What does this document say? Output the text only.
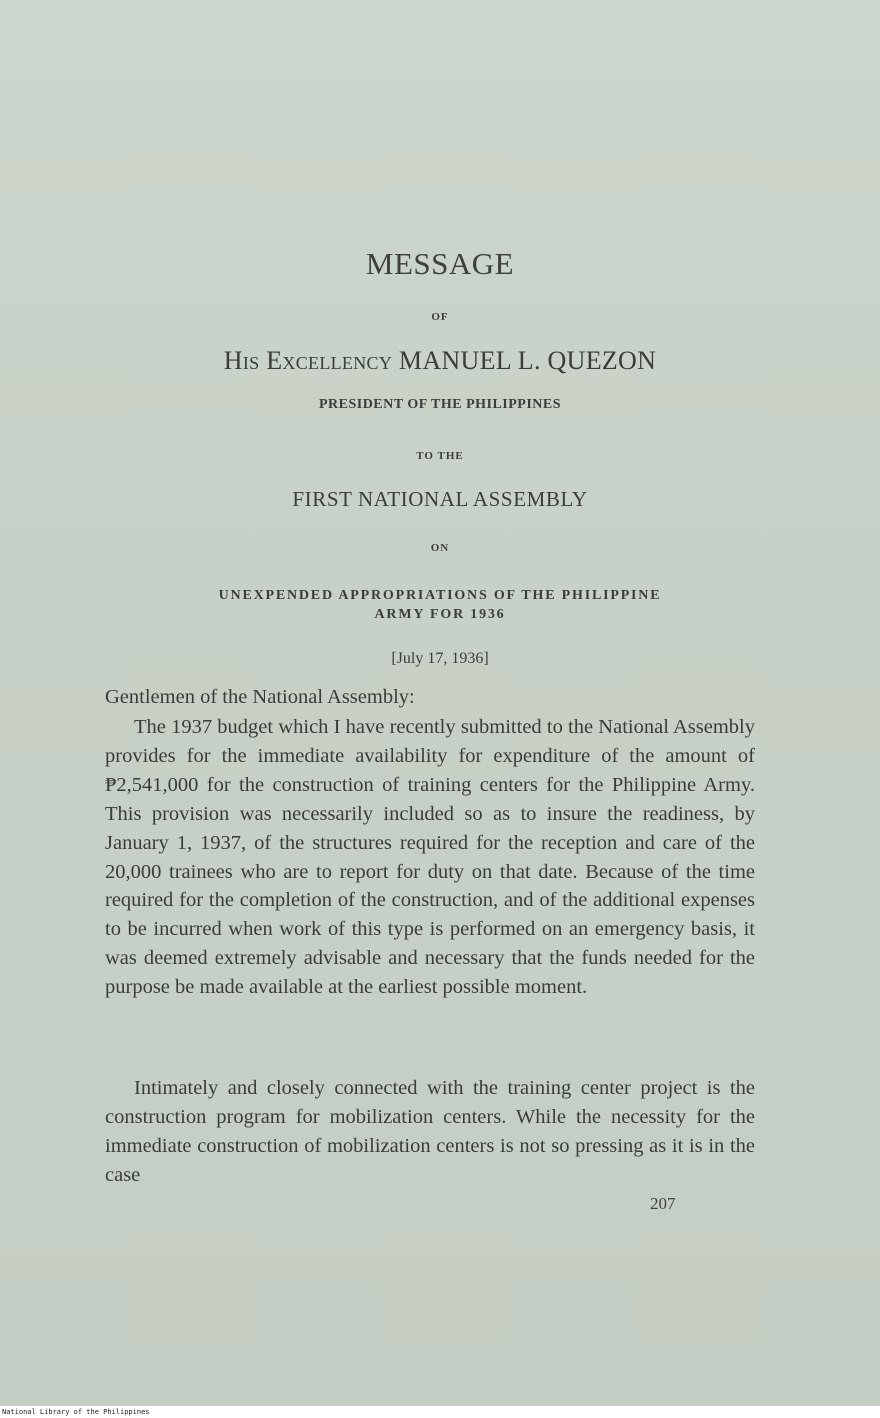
MESSAGE
OF
His Excellency MANUEL L. QUEZON
PRESIDENT OF THE PHILIPPINES
TO THE
FIRST NATIONAL ASSEMBLY
ON
UNEXPENDED APPROPRIATIONS OF THE PHILIPPINE
ARMY FOR 1936
[July 17, 1936]
Gentlemen of the National Assembly:

The 1937 budget which I have recently submitted to the National Assembly provides for the immediate availability for expenditure of the amount of ₱2,541,000 for the construction of training centers for the Philippine Army. This provision was necessarily included so as to insure the readiness, by January 1, 1937, of the structures required for the reception and care of the 20,000 trainees who are to report for duty on that date. Because of the time required for the completion of the construction, and of the additional expenses to be incurred when work of this type is performed on an emergency basis, it was deemed extremely advisable and necessary that the funds needed for the purpose be made available at the earliest possible moment.

Intimately and closely connected with the training center project is the construction program for mobilization centers. While the necessity for the immediate construction of mobilization centers is not so pressing as it is in the case

207
National Library of the Philippines
